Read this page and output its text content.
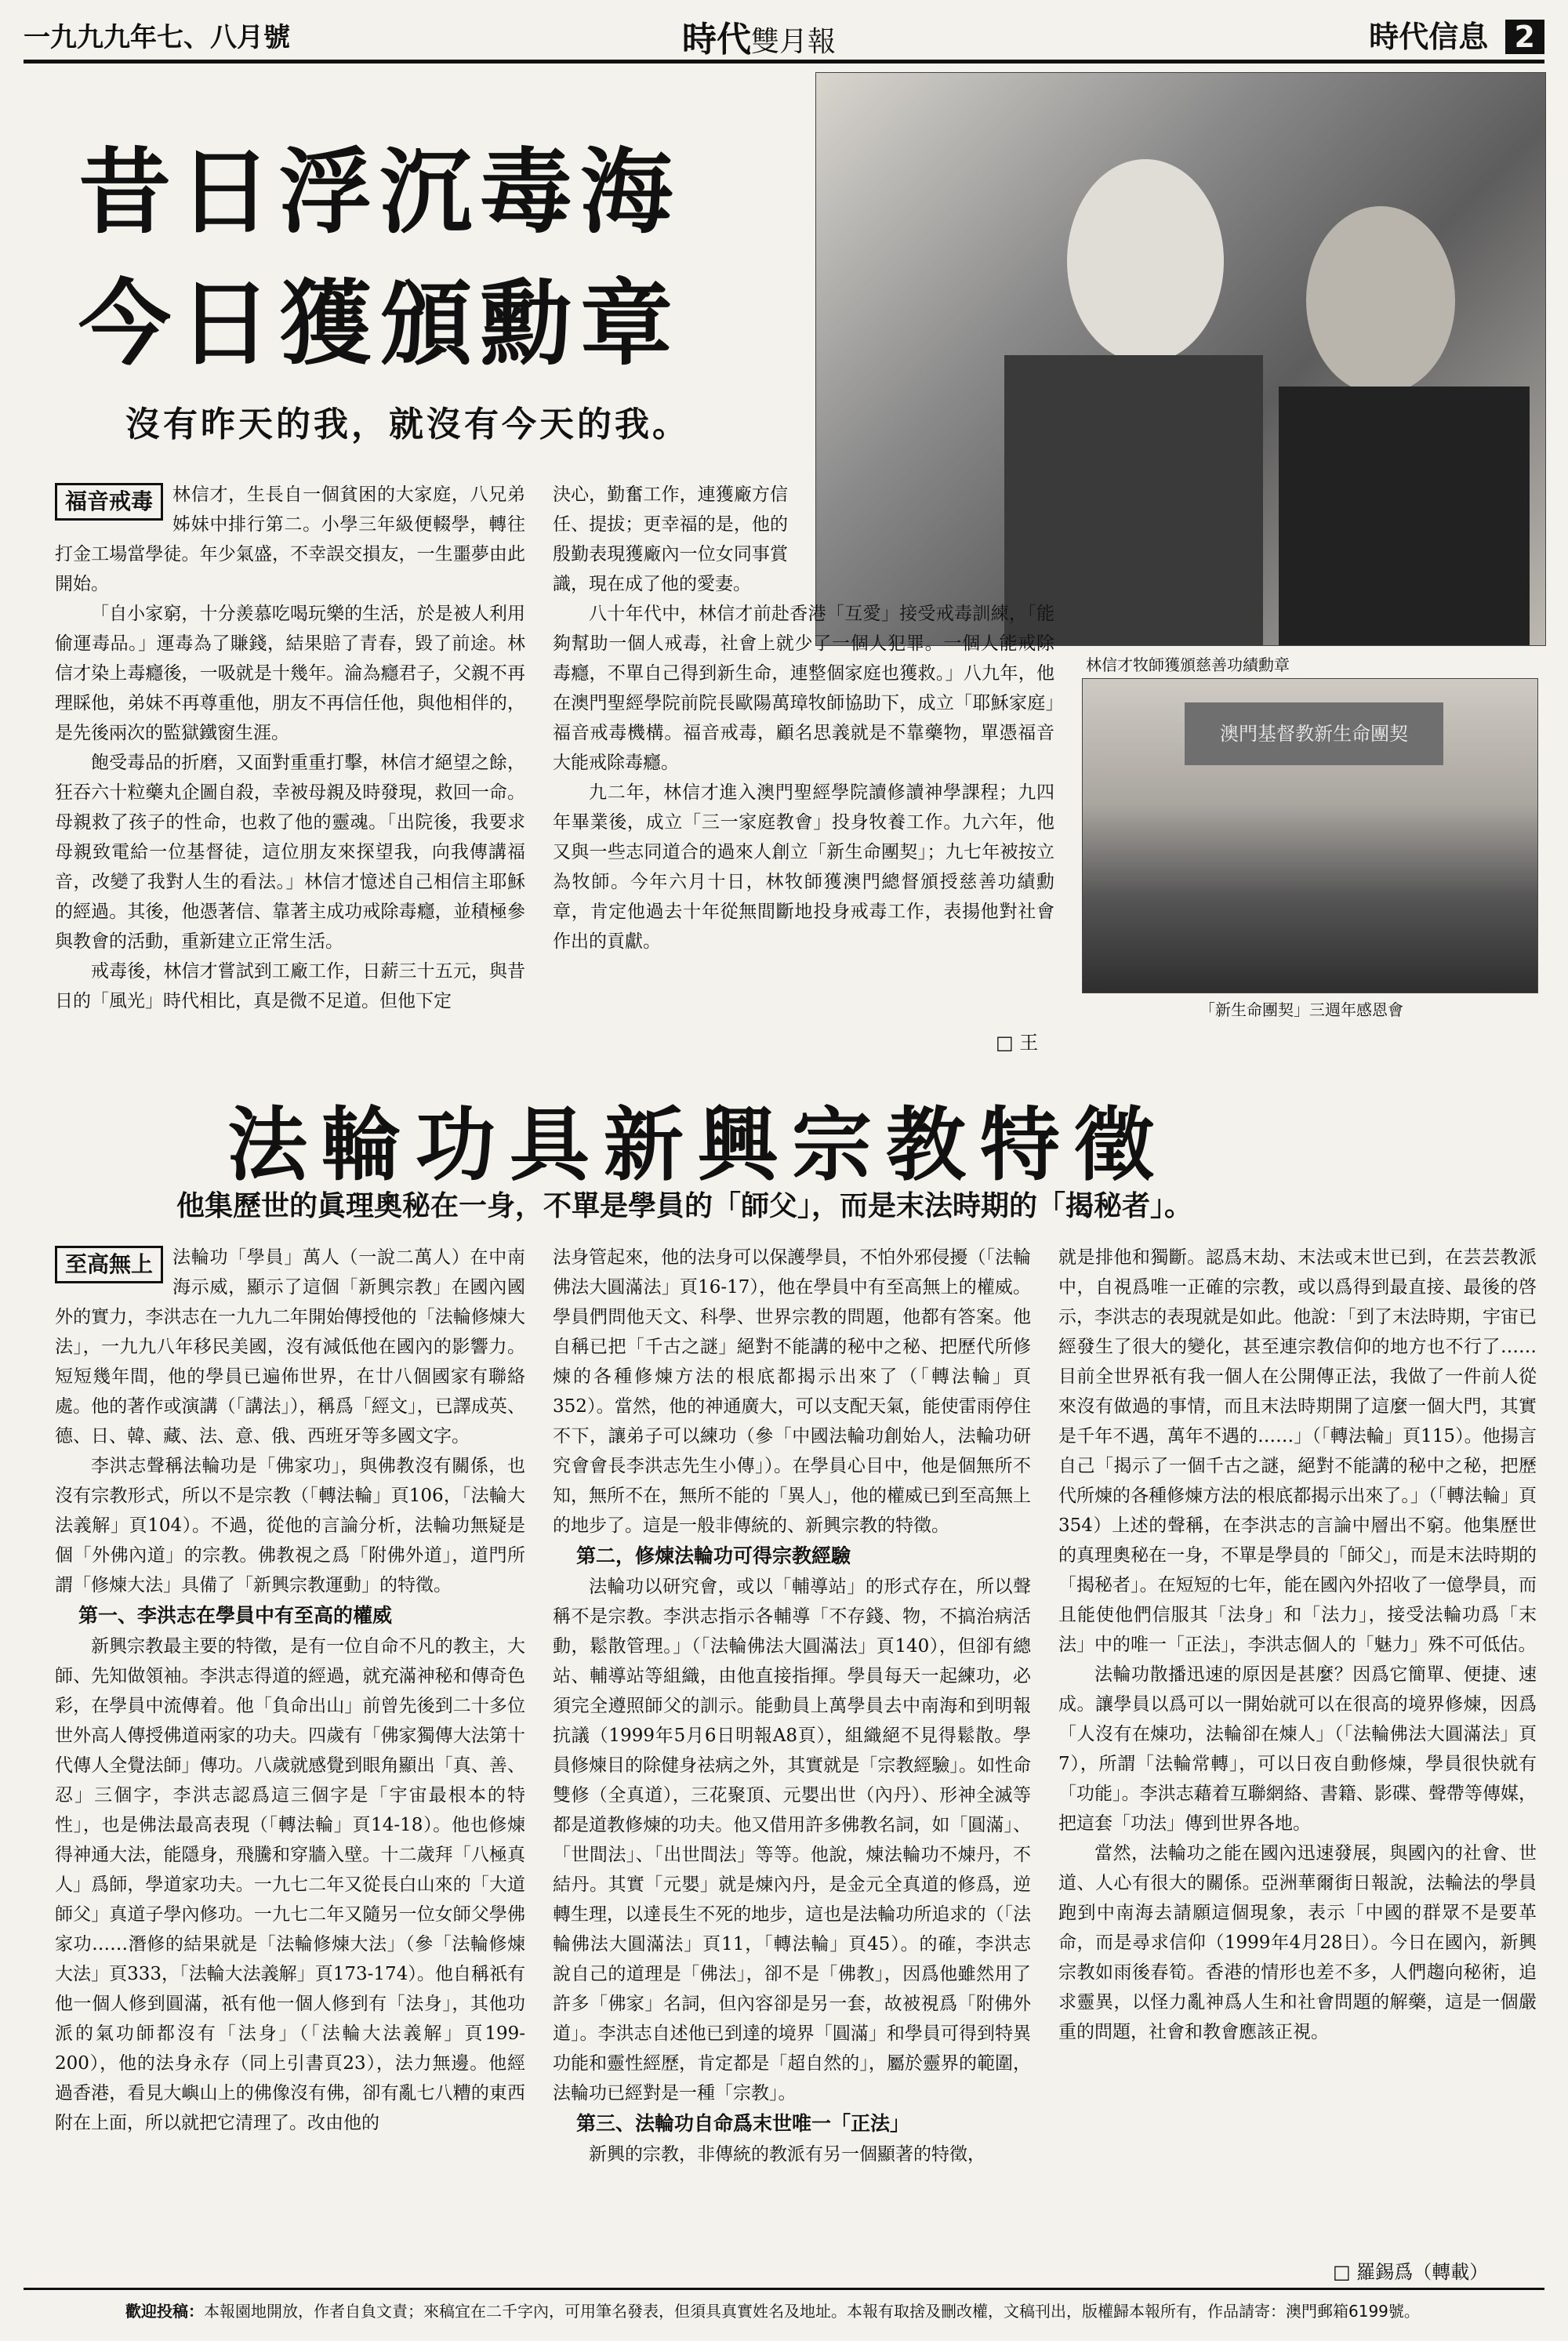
一九九九年七、八月號	時代雙月報	時代信息 2
昔日浮沉毒海
今日獲頒勳章
沒有昨天的我，就沒有今天的我。
林信才牧師獲頒慈善功績勳章
澳門基督教新生命團契
「新生命團契」三週年感恩會
福音戒毒	林信才，生長自一個貧困的大家庭，八兄弟姊妹中排行第二。小學三年級便輟學，轉往打金工場當學徒。年少氣盛，不幸誤交損友，一生噩夢由此開始。

「自小家窮，十分羨慕吃喝玩樂的生活，於是被人利用偷運毒品。」運毒為了賺錢，結果賠了青春，毀了前途。林信才染上毒癮後，一吸就是十幾年。淪為癮君子，父親不再理睬他，弟妹不再尊重他，朋友不再信任他，與他相伴的，是先後兩次的監獄鐵窗生涯。

飽受毒品的折磨，又面對重重打擊，林信才絕望之餘，狂吞六十粒藥丸企圖自殺，幸被母親及時發現，救回一命。母親救了孩子的性命，也救了他的靈魂。「出院後，我要求母親致電給一位基督徒，這位朋友來探望我，向我傳講福音，改變了我對人生的看法。」林信才憶述自己相信主耶穌的經過。其後，他憑著信、靠著主成功戒除毒癮，並積極參與教會的活動，重新建立正常生活。

戒毒後，林信才嘗試到工廠工作，日薪三十五元，與昔日的「風光」時代相比，真是微不足道。但他下定

決心，勤奮工作，連獲廠方信任、提拔；更幸福的是，他的殷勤表現獲廠內一位女同事賞識，現在成了他的愛妻。

八十年代中，林信才前赴香港「互愛」接受戒毒訓練，「能夠幫助一個人戒毒，社會上就少了一個人犯罪。一個人能戒除毒癮，不單自己得到新生命，連整個家庭也獲救。」八九年，他在澳門聖經學院前院長歐陽萬璋牧師協助下，成立「耶穌家庭」福音戒毒機構。福音戒毒，顧名思義就是不靠藥物，單憑福音大能戒除毒癮。

九二年，林信才進入澳門聖經學院讀修讀神學課程；九四年畢業後，成立「三一家庭教會」投身牧養工作。九六年，他又與一些志同道合的過來人創立「新生命團契」；九七年被按立為牧師。今年六月十日，林牧師獲澳門總督頒授慈善功績勳章，肯定他過去十年從無間斷地投身戒毒工作，表揚他對社會作出的貢獻。

□ 王
法輪功具新興宗教特徵
他集歷世的眞理奧秘在一身，不單是學員的「師父」，而是末法時期的「揭秘者」。
至高無上	法輪功「學員」萬人（一說二萬人）在中南海示威，顯示了這個「新興宗教」在國內國外的實力，李洪志在一九九二年開始傳授他的「法輪修煉大法」，一九九八年移民美國，沒有減低他在國內的影響力。短短幾年間，他的學員已遍佈世界，在廿八個國家有聯絡處。他的著作或演講（「講法」），稱爲「經文」，已譯成英、德、日、韓、藏、法、意、俄、西班牙等多國文字。

李洪志聲稱法輪功是「佛家功」，與佛教沒有關係，也沒有宗教形式，所以不是宗教（「轉法輪」頁106，「法輪大法義解」頁104）。不過，從他的言論分析，法輪功無疑是個「外佛內道」的宗教。佛教視之爲「附佛外道」，道門所謂「修煉大法」具備了「新興宗教運動」的特徵。

第一、李洪志在學員中有至高的權威

新興宗教最主要的特徵，是有一位自命不凡的教主，大師、先知做領袖。李洪志得道的經過，就充滿神秘和傳奇色彩，在學員中流傳着。他「負命出山」前曾先後到二十多位世外高人傳授佛道兩家的功夫。四歲有「佛家獨傳大法第十代傳人全覺法師」傳功。八歲就感覺到眼角顯出「真、善、忍」三個字，李洪志認爲這三個字是「宇宙最根本的特性」，也是佛法最高表現（「轉法輪」頁14-18）。他也修煉得神通大法，能隱身，飛騰和穿牆入壁。十二歲拜「八極真人」爲師，學道家功夫。一九七二年又從長白山來的「大道師父」真道子學內修功。一九七二年又隨另一位女師父學佛家功……潛修的結果就是「法輪修煉大法」（參「法輪修煉大法」頁333，「法輪大法義解」頁173-174）。他自稱祇有他一個人修到圓滿，祇有他一個人修到有「法身」，其他功派的氣功師都沒有「法身」（「法輪大法義解」頁199-200），他的法身永存（同上引書頁23），法力無邊。他經過香港，看見大嶼山上的佛像沒有佛，卻有亂七八糟的東西附在上面，所以就把它清理了。改由他的

法身管起來，他的法身可以保護學員，不怕外邪侵擾（「法輪佛法大圓滿法」頁16-17），他在學員中有至高無上的權威。學員們問他天文、科學、世界宗教的問題，他都有答案。他自稱已把「千古之謎」絕對不能講的秘中之秘、把歷代所修煉的各種修煉方法的根底都揭示出來了（「轉法輪」頁352）。當然，他的神通廣大，可以支配天氣，能使雷雨停住不下，讓弟子可以練功（參「中國法輪功創始人，法輪功研究會會長李洪志先生小傳」）。在學員心目中，他是個無所不知，無所不在，無所不能的「異人」，他的權威已到至高無上的地步了。這是一般非傳統的、新興宗教的特徵。

第二，修煉法輪功可得宗教經驗

法輪功以研究會，或以「輔導站」的形式存在，所以聲稱不是宗教。李洪志指示各輔導「不存錢、物，不搞治病活動，鬆散管理。」（「法輪佛法大圓滿法」頁140），但卻有總站、輔導站等組織，由他直接指揮。學員每天一起練功，必須完全遵照師父的訓示。能動員上萬學員去中南海和到明報抗議（1999年5月6日明報A8頁），組織絕不見得鬆散。學員修煉目的除健身祛病之外，其實就是「宗教經驗」。如性命雙修（全真道），三花聚頂、元嬰出世（內丹）、形神全滅等都是道教修煉的功夫。他又借用許多佛教名詞，如「圓滿」、「世間法」、「出世間法」等等。他說，煉法輪功不煉丹，不結丹。其實「元嬰」就是煉內丹，是金元全真道的修爲，逆轉生理，以達長生不死的地步，這也是法輪功所追求的（「法輪佛法大圓滿法」頁11，「轉法輪」頁45）。的確，李洪志說自己的道理是「佛法」，卻不是「佛教」，因爲他雖然用了許多「佛家」名詞，但內容卻是另一套，故被視爲「附佛外道」。李洪志自述他已到達的境界「圓滿」和學員可得到特異功能和靈性經歷，肯定都是「超自然的」，屬於靈界的範圍，法輪功已經對是一種「宗教」。

第三、法輪功自命爲末世唯一「正法」

新興的宗教，非傳統的教派有另一個顯著的特徵，

就是排他和獨斷。認爲末劫、末法或末世已到，在芸芸教派中，自視爲唯一正確的宗教，或以爲得到最直接、最後的啓示，李洪志的表現就是如此。他說：「到了末法時期，宇宙已經發生了很大的變化，甚至連宗教信仰的地方也不行了……目前全世界祇有我一個人在公開傳正法，我做了一件前人從來沒有做過的事情，而且末法時期開了這麼一個大門，其實是千年不遇，萬年不遇的……」（「轉法輪」頁115）。他揚言自己「揭示了一個千古之謎，絕對不能講的秘中之秘，把歷代所煉的各種修煉方法的根底都揭示出來了。」（「轉法輪」頁354）上述的聲稱，在李洪志的言論中層出不窮。他集歷世的真理奧秘在一身，不單是學員的「師父」，而是末法時期的「揭秘者」。在短短的七年，能在國內外招收了一億學員，而且能使他們信服其「法身」和「法力」，接受法輪功爲「末法」中的唯一「正法」，李洪志個人的「魅力」殊不可低估。

法輪功散播迅速的原因是甚麼？因爲它簡單、便捷、速成。讓學員以爲可以一開始就可以在很高的境界修煉，因爲「人沒有在煉功，法輪卻在煉人」（「法輪佛法大圓滿法」頁7），所謂「法輪常轉」，可以日夜自動修煉，學員很快就有「功能」。李洪志藉着互聯網絡、書籍、影碟、聲帶等傳媒，把這套「功法」傳到世界各地。

當然，法輪功之能在國內迅速發展，與國內的社會、世道、人心有很大的關係。亞洲華爾街日報說，法輪法的學員跑到中南海去請願這個現象，表示「中國的群眾不是要革命，而是尋求信仰（1999年4月28日）。今日在國內，新興宗教如雨後春筍。香港的情形也差不多，人們趨向秘術，追求靈異，以怪力亂神爲人生和社會問題的解藥，這是一個嚴重的問題，社會和教會應該正視。

□ 羅錫爲（轉載）
歡迎投稿：本報園地開放，作者自負文責；來稿宜在二千字內，可用筆名發表，但須具真實姓名及地址。本報有取捨及刪改權，文稿刊出，版權歸本報所有，作品請寄：澳門郵箱6199號。
